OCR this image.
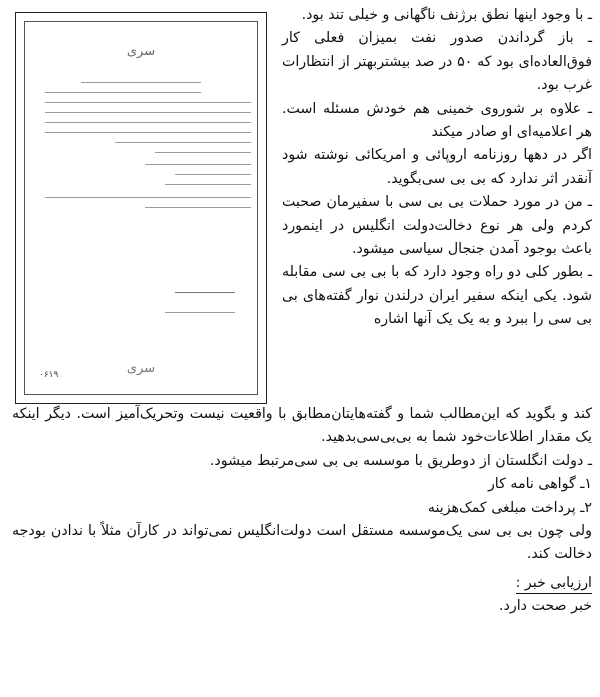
سری
سری
۰۶۱۹

ـ با وجود اینها نطق برژنف ناگهانی و خیلی تند بود.

ـ باز گرداندن صدور نفت بمیزان فعلی کار فوق‌العاده‌ای بود که ۵۰ در صد بیشتربهتر از انتظارات غرب بود.

ـ علاوه بر شوروی خمینی هم خودش مسئله است. هر اعلامیه‌ای او صادر میکند

اگر در دهها روزنامه اروپائی و امریکائی نوشته شود آنقدر اثر ندارد که بی بی سی‌بگوید.

ـ من در مورد حملات بی بی سی با سفیرمان صحبت کردم ولی هر نوع دخالت‌دولت انگلیس در اینمورد باعث بوجود آمدن جنجال سیاسی میشود.

ـ بطور کلی دو راه وجود دارد که با بی بی سی مقابله شود. یکی اینکه سفیر ایران درلندن نوار گفته‌های بی بی سی را ببرد و به یک یک آنها اشاره

کند و بگوید که این‌مطالب شما و گفته‌هایتان‌مطابق با واقعیت نیست وتحریک‌آمیز است. دیگر اینکه یک مقدار اطلاعات‌خود شما به بی‌بی‌سی‌بدهید.

ـ دولت انگلستان از دوطریق با موسسه بی بی سی‌مرتبط میشود.

۱ـ گواهی نامه کار

۲ـ پرداخت مبلغی کمک‌هزینه

ولی چون بی بی سی یک‌موسسه مستقل است دولت‌انگلیس نمی‌تواند در کارآن مثلاً با ندادن بودجه دخالت کند.

ارزیابی خبر :

خبر صحت دارد.
